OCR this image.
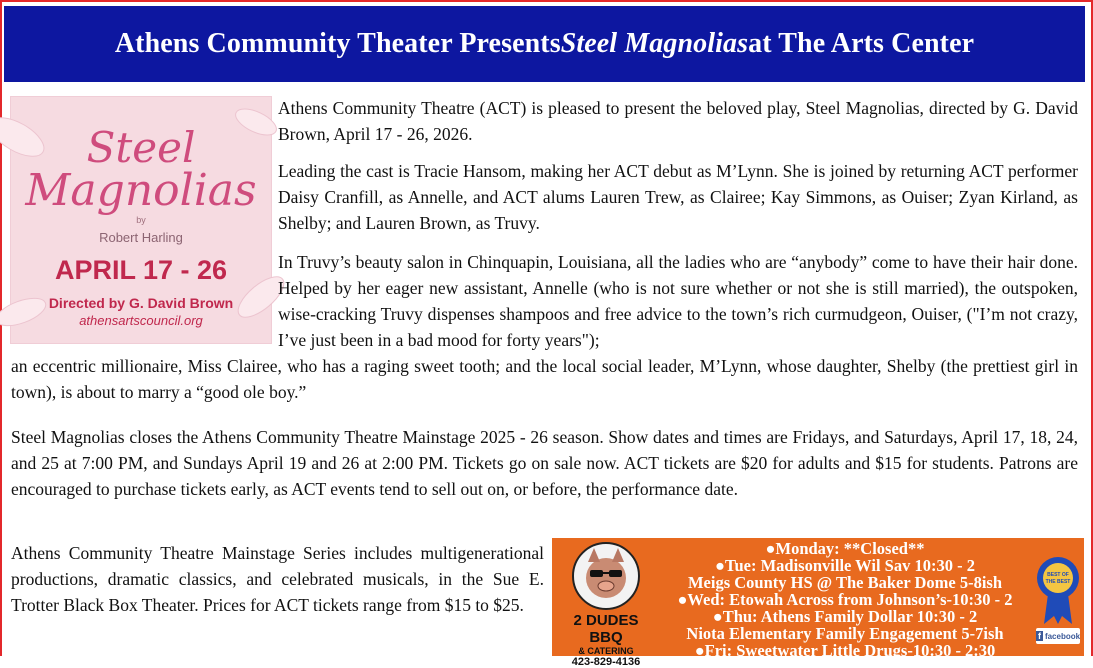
Athens Community Theater Presents Steel Magnolias at The Arts Center
Steel
Magnolias
by
Robert Harling
APRIL 17 - 26
Directed by G. David Brown
athensartscouncil.org

Athens Community Theatre (ACT) is pleased to present the beloved play, Steel Magnolias, directed by G. David Brown, April 17 - 26, 2026.

Leading the cast is Tracie Hansom, making her ACT debut as M’Lynn. She is joined by returning ACT performer Daisy Cranfill, as Annelle, and ACT alums Lauren Trew, as Clairee; Kay Simmons, as Ouiser; Zyan Kirland, as Shelby; and Lauren Brown, as Truvy.

In Truvy’s beauty salon in Chinquapin, Louisiana, all the ladies who are “anybody” come to have their hair done. Helped by her eager new assistant, Annelle (who is not sure whether or not she is still married), the outspoken, wise-cracking Truvy dispenses shampoos and free advice to the town’s rich curmudgeon, Ouiser, ("I’m not crazy, I’ve just been in a bad mood for forty years");

an eccentric millionaire, Miss Clairee, who has a raging sweet tooth; and the local social leader, M’Lynn, whose daughter, Shelby (the prettiest girl in town), is about to marry a “good ole boy.”

Steel Magnolias closes the Athens Community Theatre Mainstage 2025 - 26 season. Show dates and times are Fridays, and Saturdays, April 17, 18, 24, and 25 at 7:00 PM, and Sundays April 19 and 26 at 2:00 PM. Tickets go on sale now. ACT tickets are $20 for adults and $15 for students. Patrons are encouraged to purchase tickets early, as ACT events tend to sell out on, or before, the performance date.

Athens Community Theatre Mainstage Series includes multigenerational productions, dramatic classics, and celebrated musicals, in the Sue E. Trotter Black Box Theater. Prices for ACT tickets range from $15 to $25.

2 DUDES BBQ
& CATERING
423-829-4136
●Monday: **Closed**
●Tue: Madisonville Wil Sav 10:30 - 2
Meigs County HS @ The Baker Dome 5-8ish
●Wed: Etowah Across from Johnson’s-10:30 - 2
●Thu: Athens Family Dollar 10:30 - 2
Niota Elementary Family Engagement 5-7ish
●Fri: Sweetwater Little Drugs-10:30 - 2:30
BEST OF
THE BEST
f facebook
